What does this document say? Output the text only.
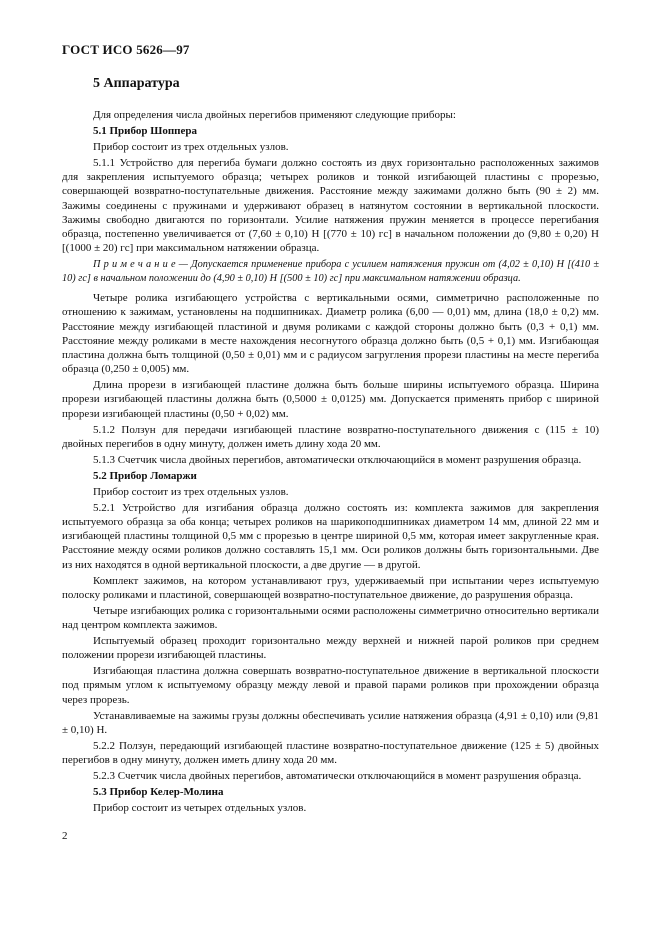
ГОСТ ИСО 5626—97
5 Аппаратура

Для определения числа двойных перегибов применяют следующие приборы:

5.1 Прибор Шоппера

Прибор состоит из трех отдельных узлов.

5.1.1 Устройство для перегиба бумаги должно состоять из двух горизонтально расположенных зажимов для закрепления испытуемого образца; четырех роликов и тонкой изгибающей пластины с прорезью, совершающей возвратно-поступательные движения. Расстояние между зажимами должно быть (90 ± 2) мм. Зажимы соединены с пружинами и удерживают образец в натянутом состоянии в вертикальной плоскости. Зажимы свободно двигаются по горизонтали. Усилие натяжения пружин меняется в процессе перегибания образца, постепенно увеличивается от (7,60 ± 0,10) Н [(770 ± 10) гс] в начальном положении до (9,80 ± 0,20) Н [(1000 ± 20) гс] при максимальном натяжении образца.

П р и м е ч а н и е — Допускается применение прибора с усилием натяжения пружин от (4,02 ± 0,10) Н [(410 ± 10) гс] в начальном положении до (4,90 ± 0,10) Н [(500 ± 10) гс] при максимальном натяжении образца.

Четыре ролика изгибающего устройства с вертикальными осями, симметрично расположенные по отношению к зажимам, установлены на подшипниках. Диаметр ролика (6,00 — 0,01) мм, длина (18,0 ± 0,2) мм. Расстояние между изгибающей пластиной и двумя роликами с каждой стороны должно быть (0,3 + 0,1) мм. Расстояние между роликами в месте нахождения несогнутого образца должно быть (0,5 + 0,1) мм. Изгибающая пластина должна быть толщиной (0,50 ± 0,01) мм и с радиусом загругления прорези пластины на месте перегиба образца (0,250 ± 0,005) мм.

Длина прорези в изгибающей пластине должна быть больше ширины испытуемого образца. Ширина прорези изгибающей пластины должна быть (0,5000 ± 0,0125) мм. Допускается применять прибор с шириной прорези изгибающей пластины (0,50 + 0,02) мм.

5.1.2 Ползун для передачи изгибающей пластине возвратно-поступательного движения с (115 ± 10) двойных перегибов в одну минуту, должен иметь длину хода 20 мм.

5.1.3 Счетчик числа двойных перегибов, автоматически отключающийся в момент разрушения образца.

5.2 Прибор Ломаржи

Прибор состоит из трех отдельных узлов.

5.2.1 Устройство для изгибания образца должно состоять из: комплекта зажимов для закрепления испытуемого образца за оба конца; четырех роликов на шарикоподшипниках диаметром 14 мм, длиной 22 мм и изгибающей пластины толщиной 0,5 мм с прорезью в центре шириной 0,5 мм, которая имеет закругленные края. Расстояние между осями роликов должно составлять 15,1 мм. Оси роликов должны быть горизонтальными. Две из них находятся в одной вертикальной плоскости, а две другие — в другой.

Комплект зажимов, на котором устанавливают груз, удерживаемый при испытании через испытуемую полоску роликами и пластиной, совершающей возвратно-поступательное движение, до разрушения образца.

Четыре изгибающих ролика с горизонтальными осями расположены симметрично относительно вертикали над центром комплекта зажимов.

Испытуемый образец проходит горизонтально между верхней и нижней парой роликов при среднем положении прорези изгибающей пластины.

Изгибающая пластина должна совершать возвратно-поступательное движение в вертикальной плоскости под прямым углом к испытуемому образцу между левой и правой парами роликов при прохождении образца через прорезь.

Устанавливаемые на зажимы грузы должны обеспечивать усилие натяжения образца (4,91 ± 0,10) или (9,81 ± 0,10) Н.

5.2.2 Ползун, передающий изгибающей пластине возвратно-поступательное движение (125 ± 5) двойных перегибов в одну минуту, должен иметь длину хода 20 мм.

5.2.3 Счетчик числа двойных перегибов, автоматически отключающийся в момент разрушения образца.

5.3 Прибор Келер-Молина

Прибор состоит из четырех отдельных узлов.

2
